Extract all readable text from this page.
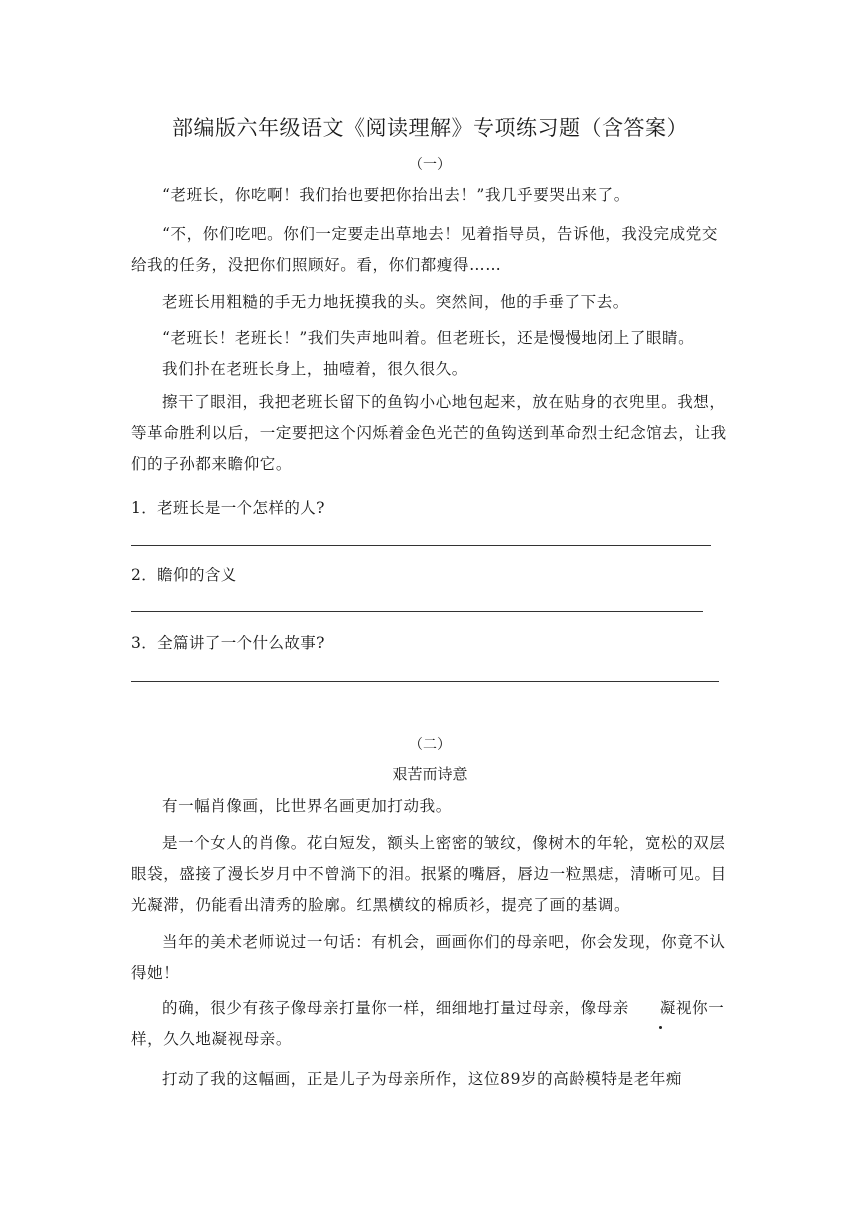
部编版六年级语文《阅读理解》专项练习题（含答案）
（一）

“老班长，你吃啊！我们抬也要把你抬出去！”我几乎要哭出来了。

“不，你们吃吧。你们一定要走出草地去！见着指导员，告诉他，我没完成党交给我的任务，没把你们照顾好。看，你们都瘦得……

老班长用粗糙的手无力地抚摸我的头。突然间，他的手垂了下去。

“老班长！老班长！”我们失声地叫着。但老班长，还是慢慢地闭上了眼睛。

我们扑在老班长身上，抽噎着，很久很久。

擦干了眼泪，我把老班长留下的鱼钩小心地包起来，放在贴身的衣兜里。我想，等革命胜利以后，一定要把这个闪烁着金色光芒的鱼钩送到革命烈士纪念馆去，让我们的子孙都来瞻仰它。

1．老班长是一个怎样的人?

2．瞻仰的含义

3．全篇讲了一个什么故事?

（二）
艰苦而诗意

有一幅肖像画，比世界名画更加打动我。

是一个女人的肖像。花白短发，额头上密密的皱纹，像树木的年轮，宽松的双层眼袋，盛接了漫长岁月中不曾淌下的泪。抿紧的嘴唇，唇边一粒黑痣，清晰可见。目光凝滞，仍能看出清秀的脸廓。红黑横纹的棉质衫，提亮了画的基调。

当年的美术老师说过一句话：有机会，画画你们的母亲吧，你会发现，你竟不认得她！

的确，很少有孩子像母亲打量你一样，细细地打量过母亲，像母亲 凝视你一样，久久地凝视母亲。

打动了我的这幅画，正是儿子为母亲所作，这位89岁的高龄模特是老年痴
